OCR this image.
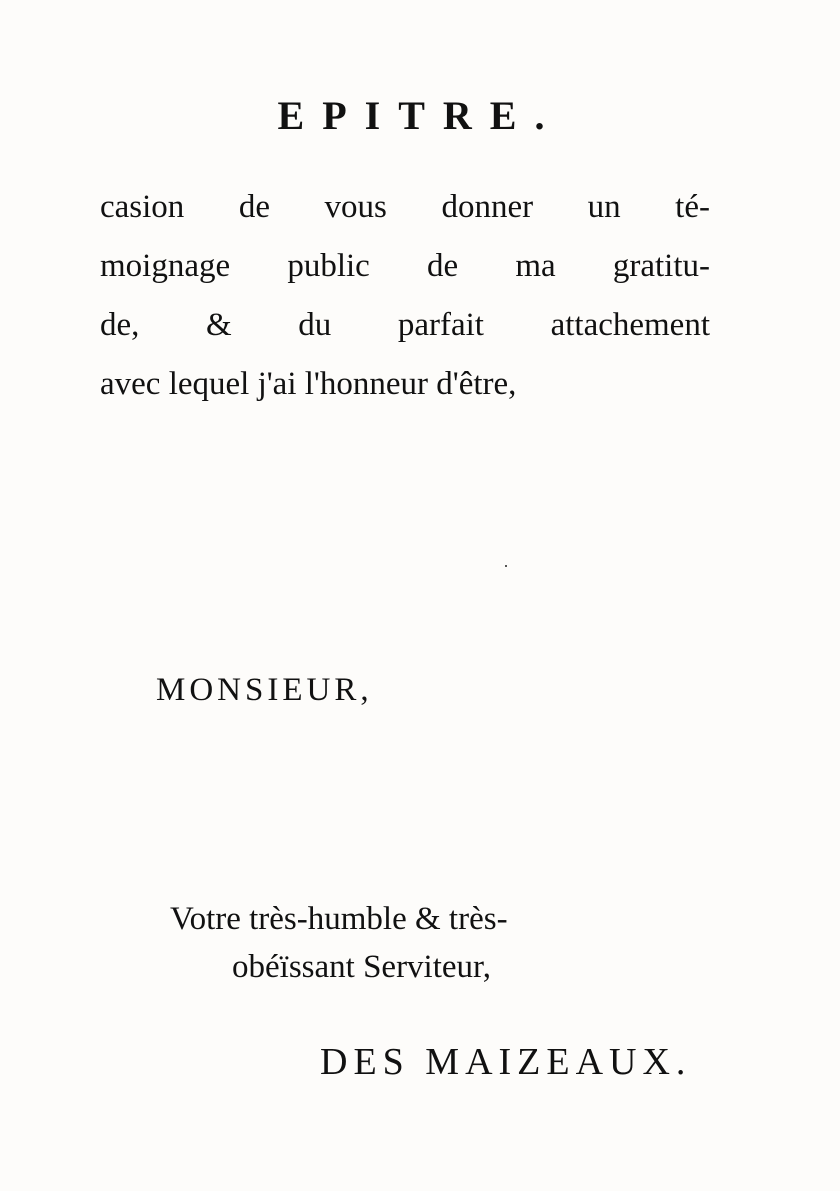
EPITRE.
casion de vous donner un té-
moignage public de ma gratitu-
de, & du parfait attachement
avec lequel j'ai l'honneur d'être,
MONSIEUR,
Votre très-humble & très-
obéïssant Serviteur,
DES MAIZEAUX.
